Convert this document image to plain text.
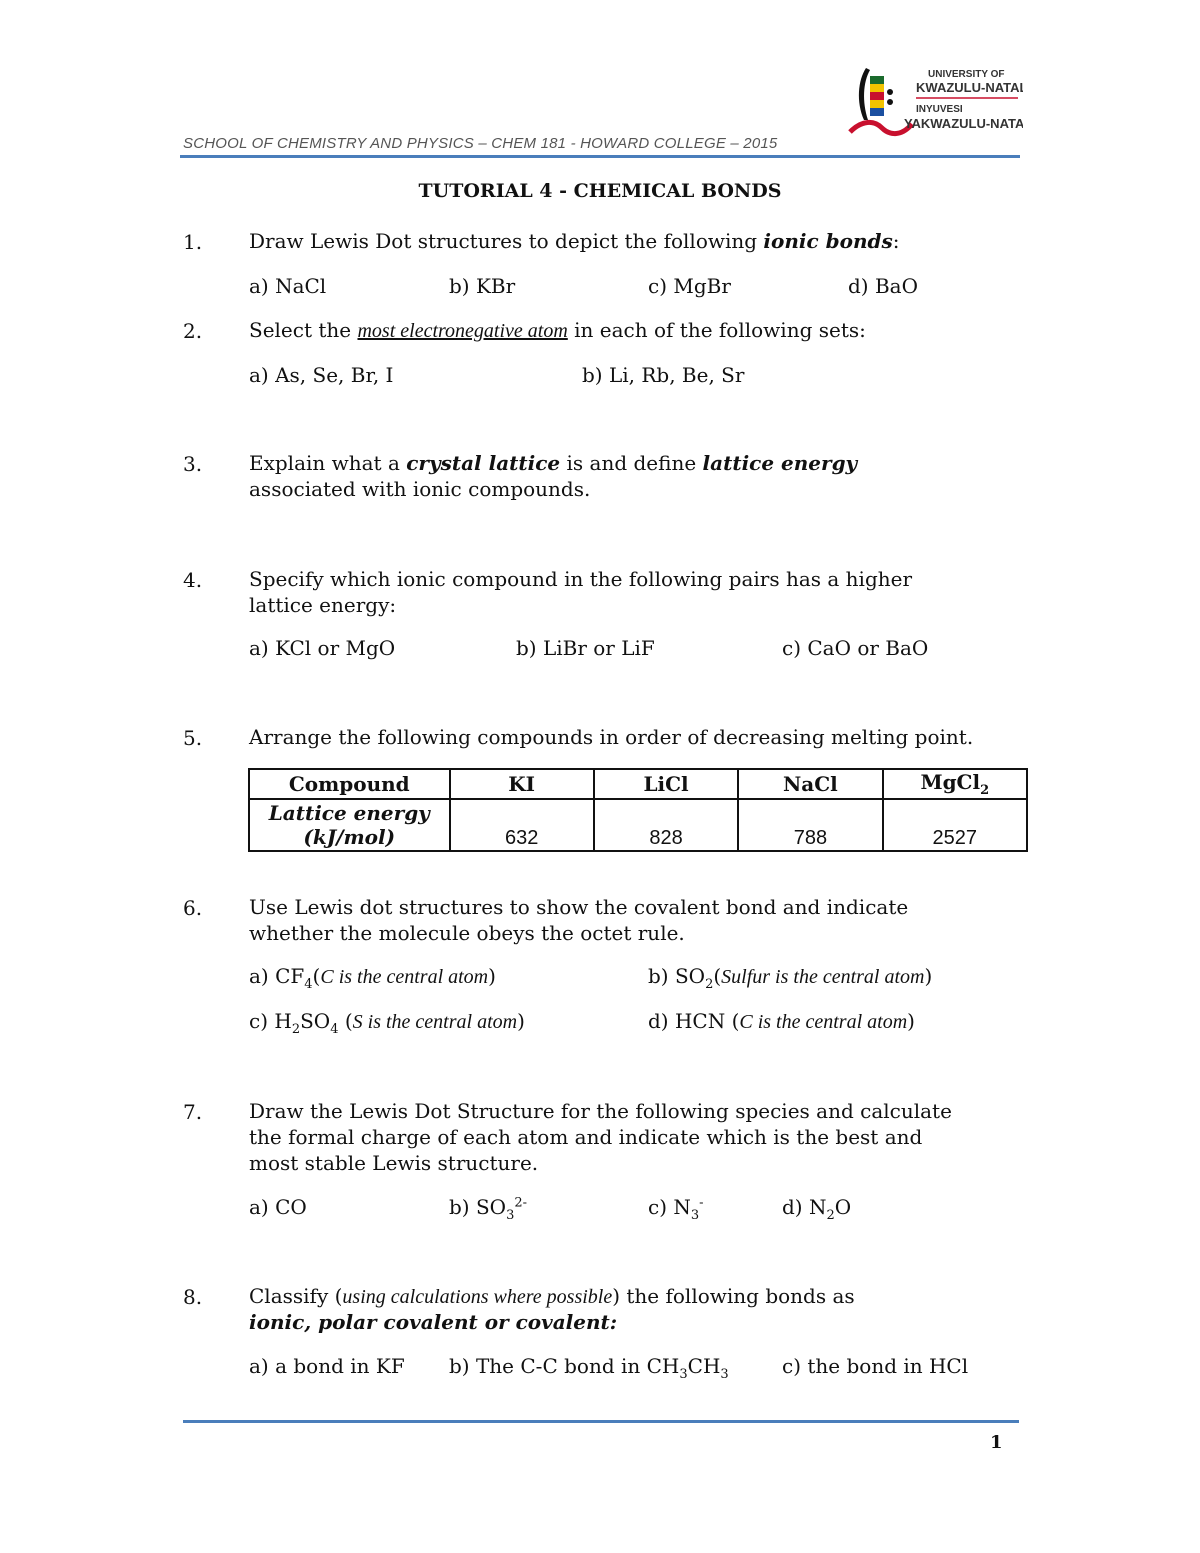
UNIVERSITY OF
KWAZULU-NATAL
INYUVESI
YAKWAZULU-NATALI
SCHOOL OF CHEMISTRY AND PHYSICS – CHEM 181 - HOWARD COLLEGE – 2015
TUTORIAL 4 - CHEMICAL BONDS
1. Draw Lewis Dot structures to depict the following ionic bonds:
a) NaCl	b) KBr	c) MgBr	d) BaO
2. Select the most electronegative atom in each of the following sets:
a) As, Se, Br, I	b) Li, Rb, Be, Sr
3. Explain what a crystal lattice is and define lattice energy
associated with ionic compounds.
4. Specify which ionic compound in the following pairs has a higher
lattice energy:
a) KCl or MgO	b) LiBr or LiF	c) CaO or BaO
5. Arrange the following compounds in order of decreasing melting point.
Compound	KI	LiCl	NaCl	MgCl$_2$
Lattice energy
(kJ/mol)	632	828	788	2527
6. Use Lewis dot structures to show the covalent bond and indicate
whether the molecule obeys the octet rule.
a) $CF_4(C$ is the central atom)	b) $SO_2(Sulfur$ is the central atom)
c) $H_2SO_4$ (S is the central atom)	d) HCN (C is the central atom)
7. Draw the Lewis Dot Structure for the following species and calculate
the formal charge of each atom and indicate which is the best and
most stable Lewis structure.
a) CO	b) $SO_3^{2-}$	c) $N_3^-$	d) $N_2O$
8. Classify (using calculations where possible) the following bonds as
ionic, polar covalent or covalent:
a) a bond in KF b) The C-C bond in $CH_3CH_3$	c) the bond in HCl
1
